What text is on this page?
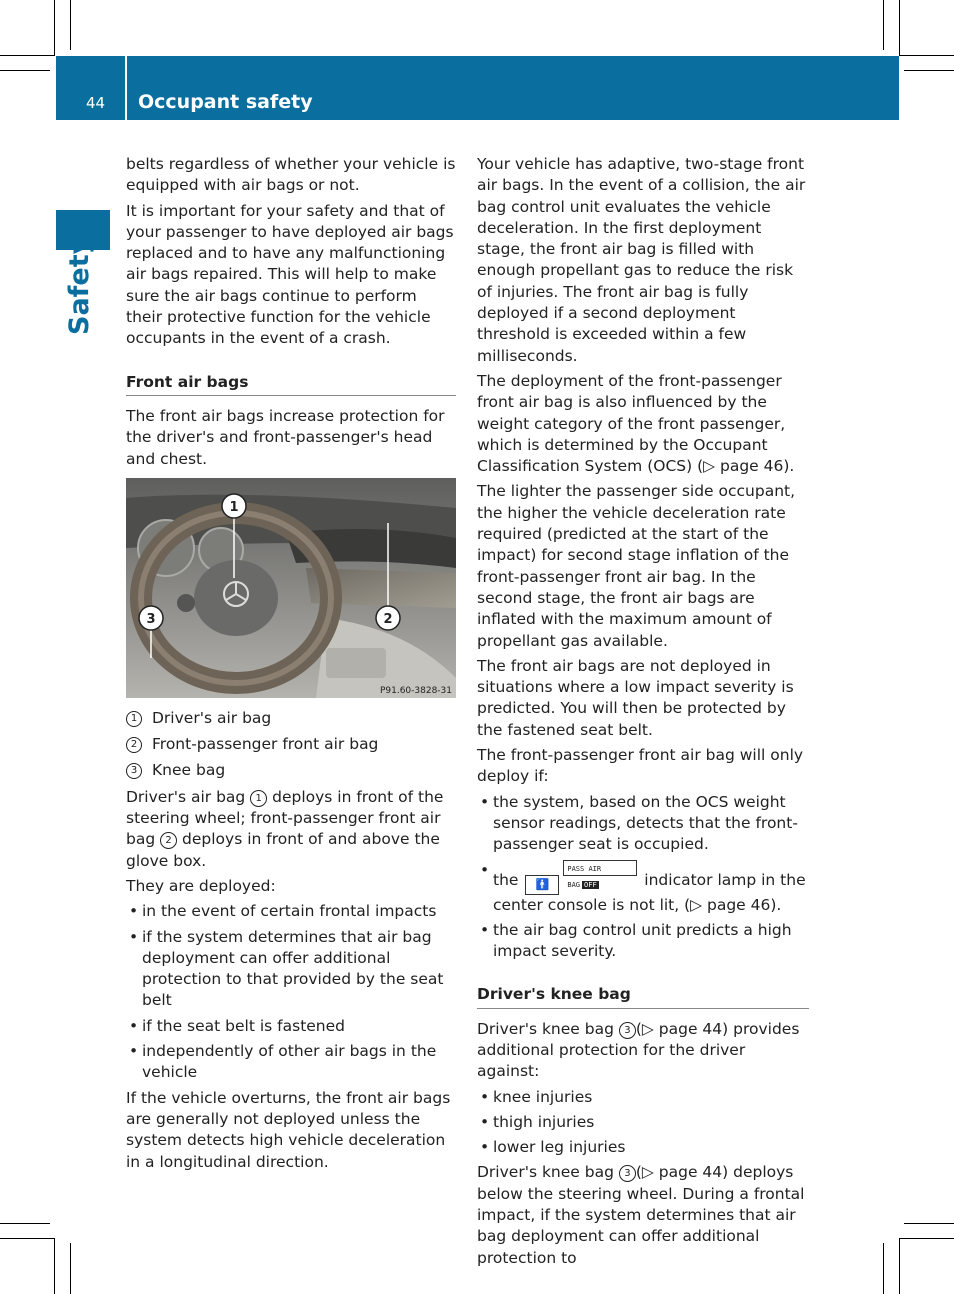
44 Occupant safety
Safety

belts regardless of whether your vehicle is equipped with air bags or not.

It is important for your safety and that of your passenger to have deployed air bags replaced and to have any malfunctioning air bags repaired. This will help to make sure the air bags continue to perform their protective function for the vehicle occupants in the event of a crash.

Front air bags

The front air bags increase protection for the driver's and front-passenger's head and chest.

1
2
3
P91.60-3828-31
1 Driver's air bag
2 Front-passenger front air bag
3 Knee bag

Driver's air bag 1 deploys in front of the steering wheel; front-passenger front air bag 2 deploys in front of and above the glove box.

They are deployed:

• in the event of certain frontal impacts
• if the system determines that air bag deployment can offer additional protection to that provided by the seat belt
• if the seat belt is fastened
• independently of other air bags in the vehicle

If the vehicle overturns, the front air bags are generally not deployed unless the system detects high vehicle deceleration in a longitudinal direction.

Your vehicle has adaptive, two-stage front air bags. In the event of a collision, the air bag control unit evaluates the vehicle deceleration. In the first deployment stage, the front air bag is filled with enough propellant gas to reduce the risk of injuries. The front air bag is fully deployed if a second deployment threshold is exceeded within a few milliseconds.

The deployment of the front-passenger front air bag is also influenced by the weight category of the front passenger, which is determined by the Occupant Classification System (OCS) (▷ page 46).

The lighter the passenger side occupant, the higher the vehicle deceleration rate required (predicted at the start of the impact) for second stage inflation of the front-passenger front air bag. In the second stage, the front air bags are inflated with the maximum amount of propellant gas available.

The front air bags are not deployed in situations where a low impact severity is predicted. You will then be protected by the fastened seat belt.

The front-passenger front air bag will only deploy if:

• the system, based on the OCS weight sensor readings, detects that the front-passenger seat is occupied.
• the 🚹PASS AIR BAG OFF	indicator lamp in the center console is not lit, (▷ page 46).
• the air bag control unit predicts a high impact severity.
Driver's knee bag

Driver's knee bag 3 (▷ page 44) provides additional protection for the driver against:

• knee injuries
• thigh injuries
• lower leg injuries

Driver's knee bag 3 (▷ page 44) deploys below the steering wheel. During a frontal impact, if the system determines that air bag deployment can offer additional protection to
